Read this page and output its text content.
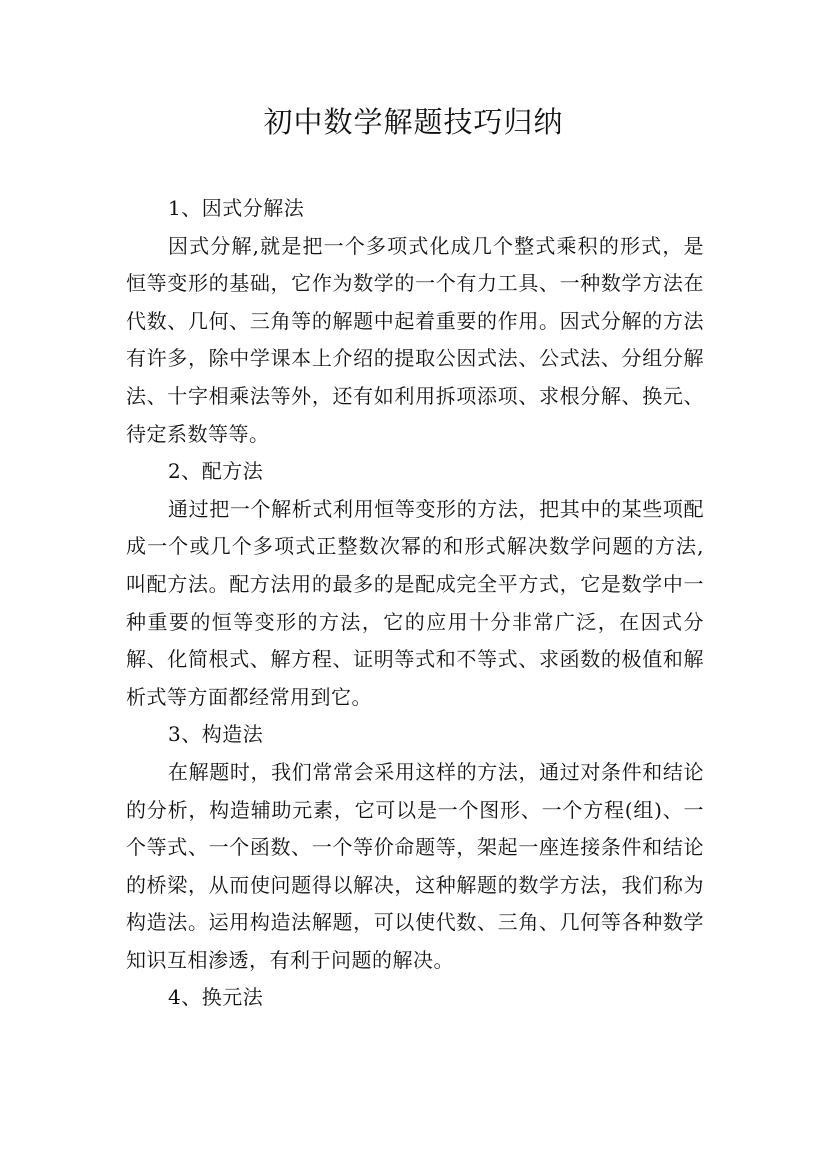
初中数学解题技巧归纳

1、因式分解法

因式分解,就是把一个多项式化成几个整式乘积的形式，是恒等变形的基础，它作为数学的一个有力工具、一种数学方法在代数、几何、三角等的解题中起着重要的作用。因式分解的方法有许多，除中学课本上介绍的提取公因式法、公式法、分组分解法、十字相乘法等外，还有如利用拆项添项、求根分解、换元、待定系数等等。

2、配方法

通过把一个解析式利用恒等变形的方法，把其中的某些项配成一个或几个多项式正整数次幂的和形式解决数学问题的方法,叫配方法。配方法用的最多的是配成完全平方式，它是数学中一种重要的恒等变形的方法，它的应用十分非常广泛，在因式分解、化简根式、解方程、证明等式和不等式、求函数的极值和解析式等方面都经常用到它。

3、构造法

在解题时，我们常常会采用这样的方法，通过对条件和结论的分析，构造辅助元素，它可以是一个图形、一个方程(组)、一个等式、一个函数、一个等价命题等，架起一座连接条件和结论的桥梁，从而使问题得以解决，这种解题的数学方法，我们称为构造法。运用构造法解题，可以使代数、三角、几何等各种数学知识互相渗透，有利于问题的解决。

4、换元法
